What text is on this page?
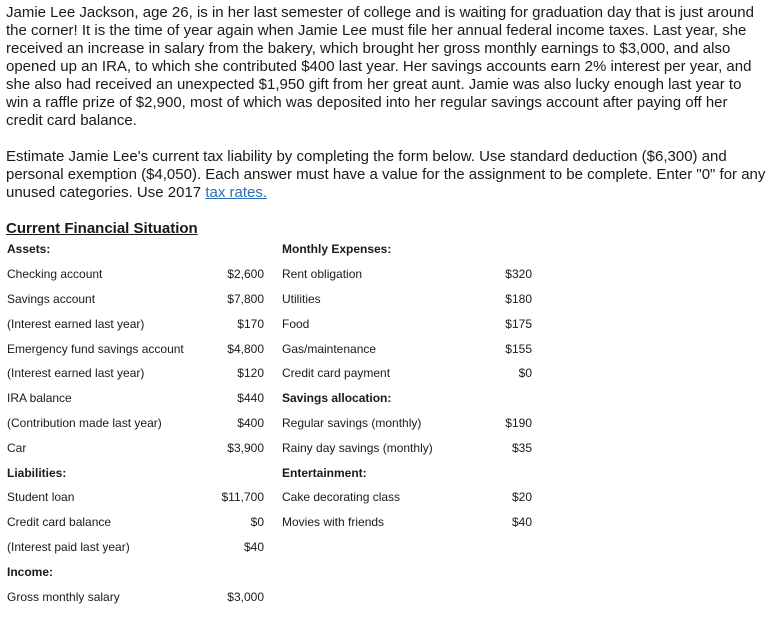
Jamie Lee Jackson, age 26, is in her last semester of college and is waiting for graduation day that is just around the corner! It is the time of year again when Jamie Lee must file her annual federal income taxes. Last year, she received an increase in salary from the bakery, which brought her gross monthly earnings to $3,000, and also opened up an IRA, to which she contributed $400 last year. Her savings accounts earn 2% interest per year, and she also had received an unexpected $1,950 gift from her great aunt. Jamie was also lucky enough last year to win a raffle prize of $2,900, most of which was deposited into her regular savings account after paying off her credit card balance.

Estimate Jamie Lee's current tax liability by completing the form below. Use standard deduction ($6,300) and personal exemption ($4,050). Each answer must have a value for the assignment to be complete. Enter "0" for any unused categories. Use 2017 tax rates.

Current Financial Situation
Assets:			Monthly Expenses:	
Checking account	$2,600		Rent obligation	$320
Savings account	$7,800		Utilities	$180
(Interest earned last year)	$170		Food	$175
Emergency fund savings account	$4,800		Gas/maintenance	$155
(Interest earned last year)	$120		Credit card payment	$0
IRA balance	$440		Savings allocation:	
(Contribution made last year)	$400		Regular savings (monthly)	$190
Car	$3,900		Rainy day savings (monthly)	$35
Liabilities:			Entertainment:	
Student loan	$11,700		Cake decorating class	$20
Credit card balance	$0		Movies with friends	$40
(Interest paid last year)	$40			
Income:				
Gross monthly salary	$3,000			
